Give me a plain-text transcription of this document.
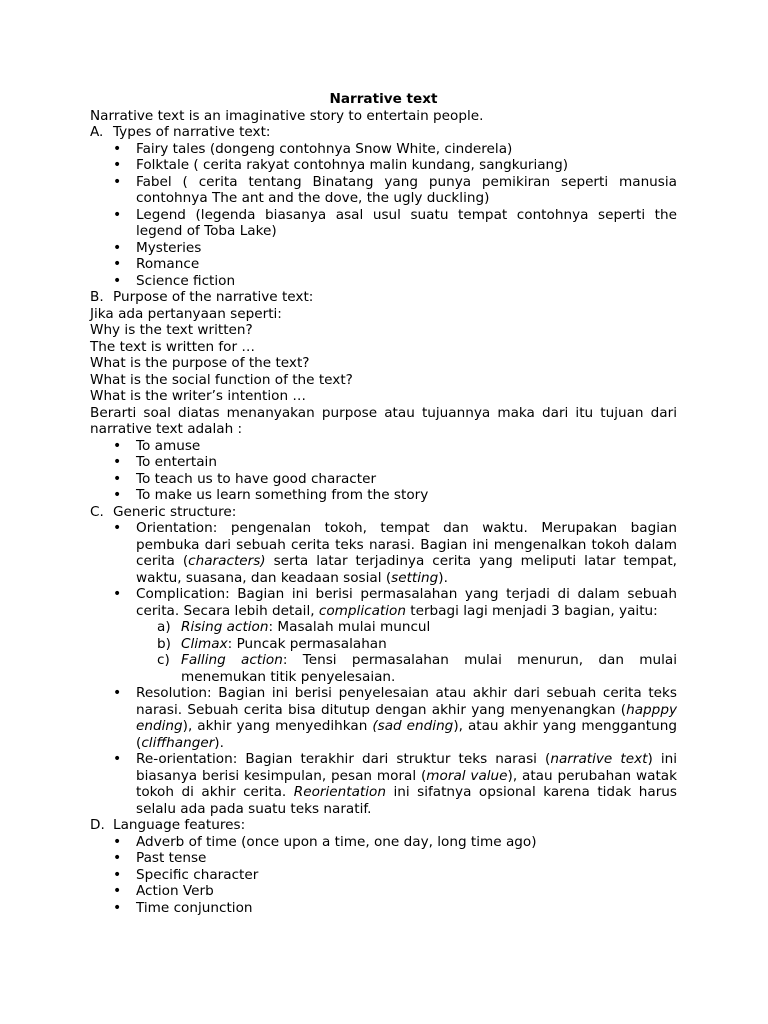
Narrative text
Narrative text is an imaginative story to entertain people.
A. Types of narrative text:
• Fairy tales (dongeng contohnya Snow White, cinderela)
• Folktale ( cerita rakyat contohnya malin kundang, sangkuriang)
• Fabel ( cerita tentang Binatang yang punya pemikiran seperti manusia contohnya The ant and the dove, the ugly duckling)
• Legend (legenda biasanya asal usul suatu tempat contohnya seperti the legend of Toba Lake)
• Mysteries
• Romance
• Science fiction
B. Purpose of the narrative text:
Jika ada pertanyaan seperti:
Why is the text written?
The text is written for …
What is the purpose of the text?
What is the social function of the text?
What is the writer’s intention …
Berarti soal diatas menanyakan purpose atau tujuannya maka dari itu tujuan dari narrative text adalah :
• To amuse
• To entertain
• To teach us to have good character
• To make us learn something from the story
C. Generic structure:
• Orientation: pengenalan tokoh, tempat dan waktu. Merupakan bagian pembuka dari sebuah cerita teks narasi. Bagian ini mengenalkan tokoh dalam cerita (characters) serta latar terjadinya cerita yang meliputi latar tempat, waktu, suasana, dan keadaan sosial (setting).
• Complication: Bagian ini berisi permasalahan yang terjadi di dalam sebuah cerita. Secara lebih detail, complication terbagi lagi menjadi 3 bagian, yaitu:
a) Rising action: Masalah mulai muncul
b) Climax: Puncak permasalahan
c) Falling action: Tensi permasalahan mulai menurun, dan mulai menemukan titik penyelesaian.
• Resolution: Bagian ini berisi penyelesaian atau akhir dari sebuah cerita teks narasi. Sebuah cerita bisa ditutup dengan akhir yang menyenangkan (happpy ending), akhir yang menyedihkan (sad ending), atau akhir yang menggantung (cliffhanger).
• Re-orientation: Bagian terakhir dari struktur teks narasi (narrative text) ini biasanya berisi kesimpulan, pesan moral (moral value), atau perubahan watak tokoh di akhir cerita. Reorientation ini sifatnya opsional karena tidak harus selalu ada pada suatu teks naratif.
D. Language features:
• Adverb of time (once upon a time, one day, long time ago)
• Past tense
• Specific character
• Action Verb
• Time conjunction
